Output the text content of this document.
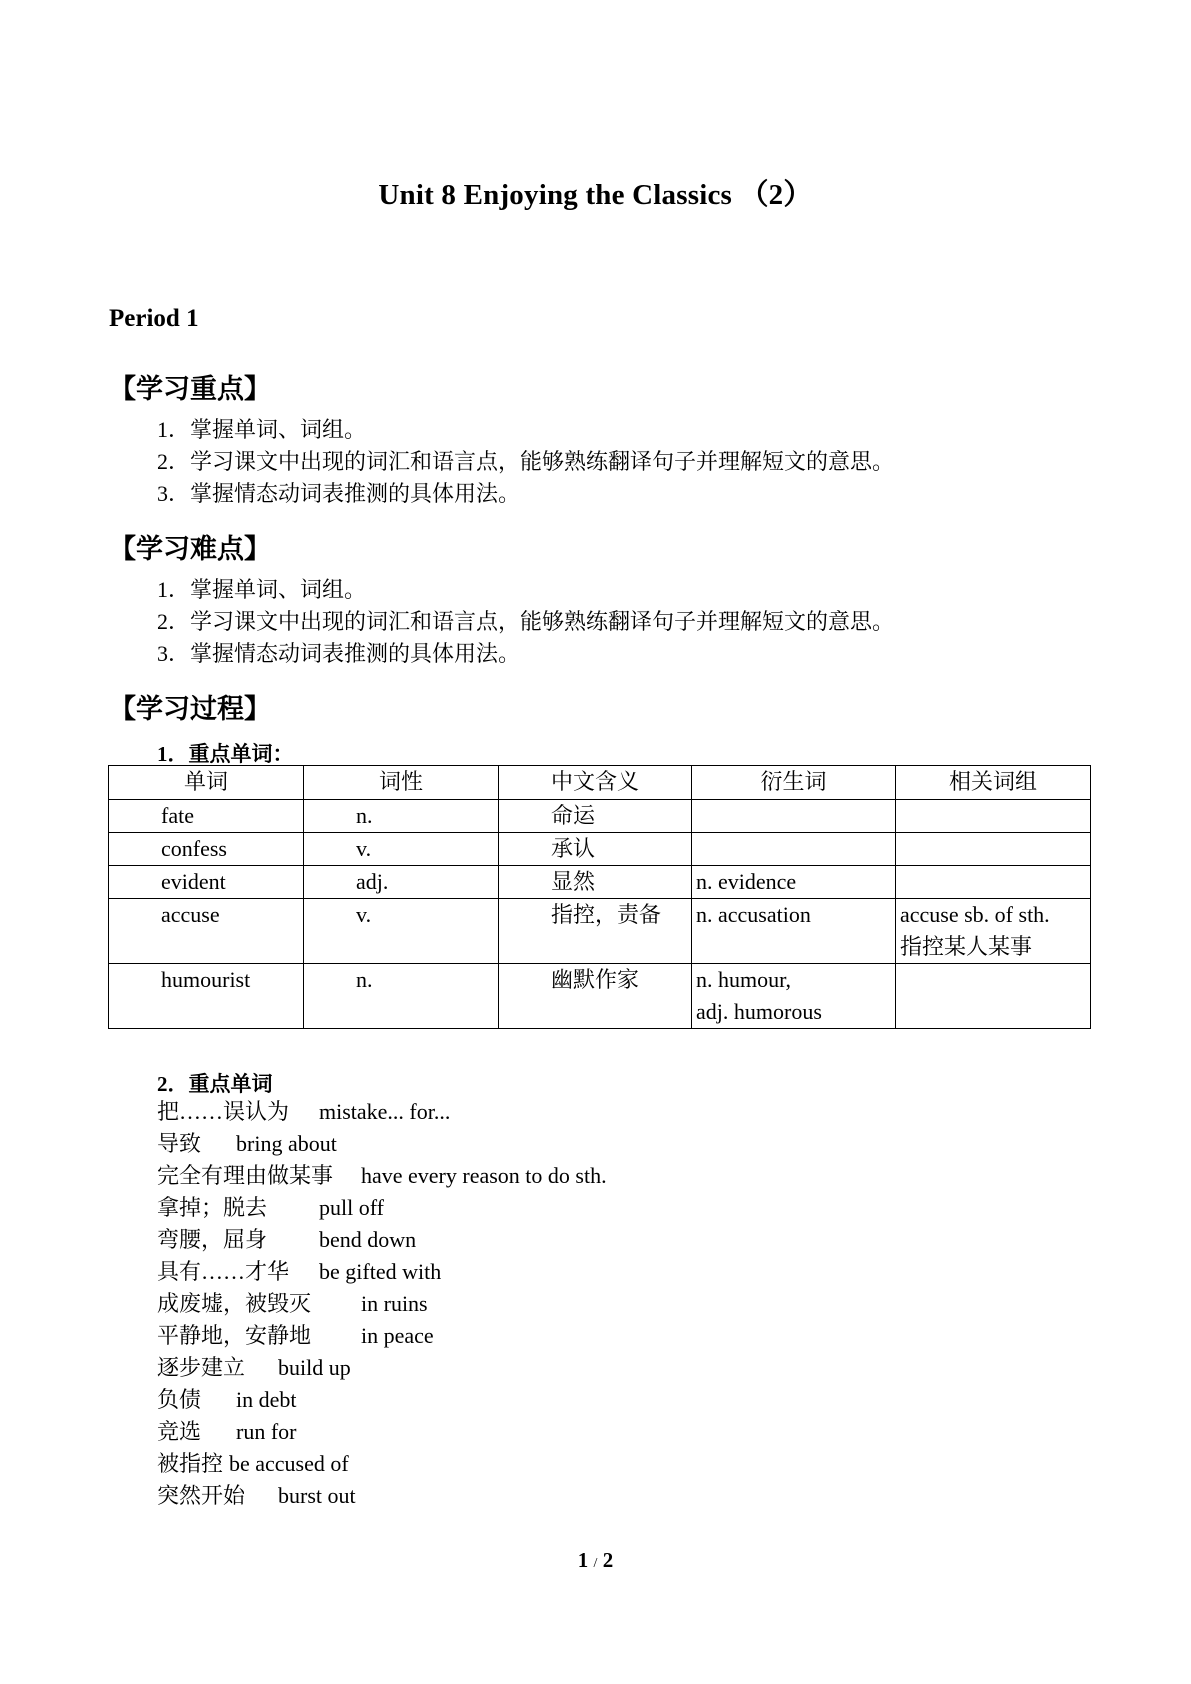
Unit 8 Enjoying the Classics （2）
Period 1
【学习重点】
1．掌握单词、词组。
2．学习课文中出现的词汇和语言点，能够熟练翻译句子并理解短文的意思。
3．掌握情态动词表推测的具体用法。
【学习难点】
1．掌握单词、词组。
2．学习课文中出现的词汇和语言点，能够熟练翻译句子并理解短文的意思。
3．掌握情态动词表推测的具体用法。
【学习过程】
1．重点单词：
单词	词性	中文含义	衍生词	相关词组
fate	n.	命运	

confess	v.	承认	

evident	adj.	显然	n. evidence	

accuse	v.	指控，责备	n. accusation	accuse sb. of sth.
指控某人某事

humourist	n.	幽默作家	n. humour,
adj. humorous	

2．重点单词
把……误认为 mistake... for...
导致 bring about
完全有理由做某事 have every reason to do sth.
拿掉；脱去 pull off
弯腰，屈身 bend down
具有……才华 be gifted with
成废墟，被毁灭 in ruins
平静地，安静地 in peace
逐步建立 build up
负债 in debt
竞选 run for
被指控 be accused of
突然开始 burst out
1 / 2
